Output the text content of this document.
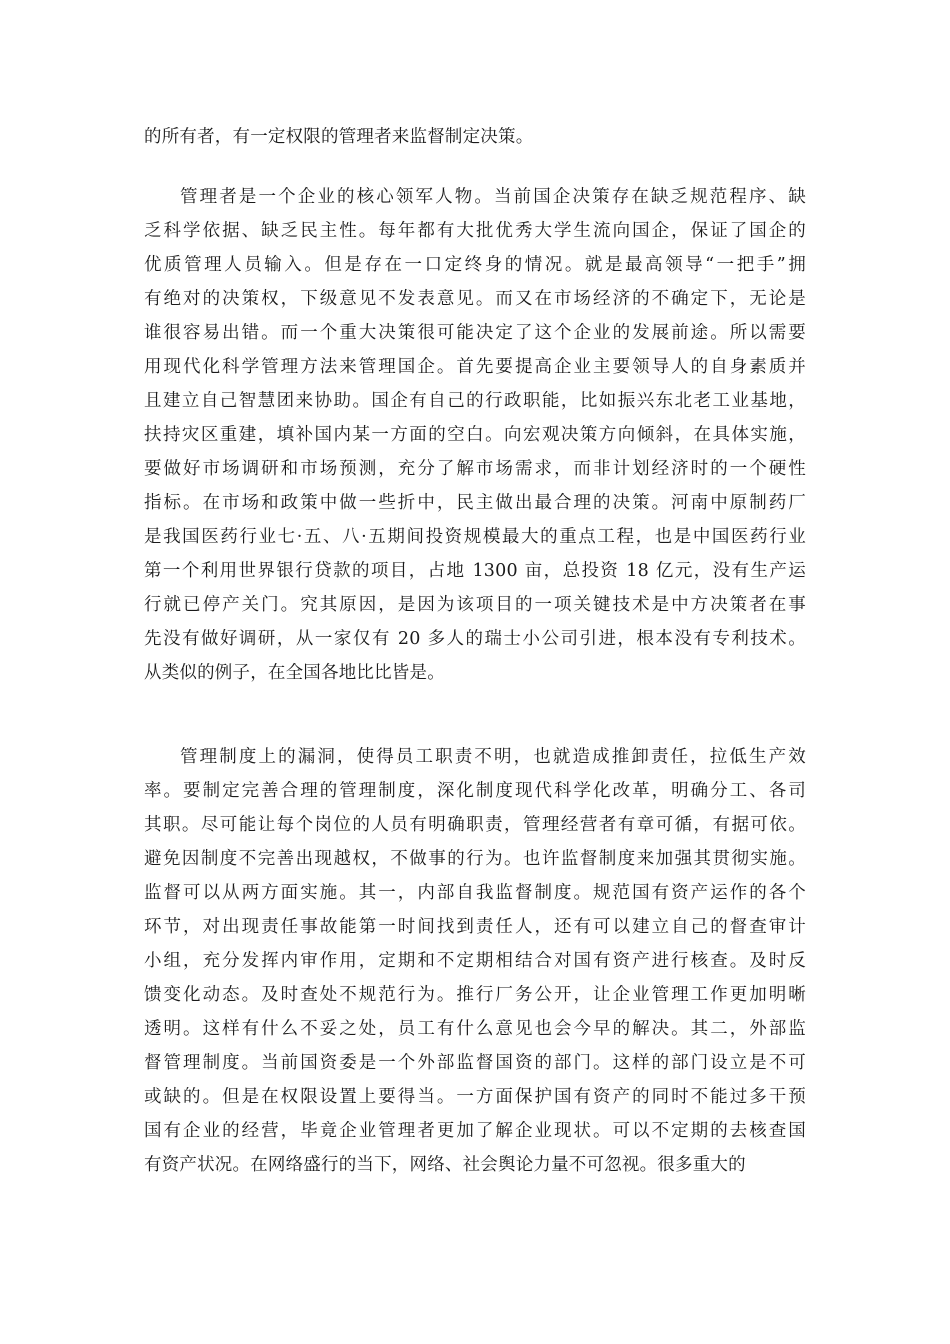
的所有者，有一定权限的管理者来监督制定决策。
管理者是一个企业的核心领军人物。当前国企决策存在缺乏规范程序、缺
乏科学依据、缺乏民主性。每年都有大批优秀大学生流向国企，保证了国企的
优质管理人员输入。但是存在一口定终身的情况。就是最高领导“一把手”拥
有绝对的决策权，下级意见不发表意见。而又在市场经济的不确定下，无论是
谁很容易出错。而一个重大决策很可能决定了这个企业的发展前途。所以需要
用现代化科学管理方法来管理国企。首先要提高企业主要领导人的自身素质并
且建立自己智慧团来协助。国企有自己的行政职能，比如振兴东北老工业基地，
扶持灾区重建，填补国内某一方面的空白。向宏观决策方向倾斜，在具体实施，
要做好市场调研和市场预测，充分了解市场需求，而非计划经济时的一个硬性
指标。在市场和政策中做一些折中，民主做出最合理的决策。河南中原制药厂
是我国医药行业七·五、八·五期间投资规模最大的重点工程，也是中国医药行业
第一个利用世界银行贷款的项目，占地 1300 亩，总投资 18 亿元，没有生产运
行就已停产关门。究其原因，是因为该项目的一项关键技术是中方决策者在事
先没有做好调研，从一家仅有 20 多人的瑞士小公司引进，根本没有专利技术。
从类似的例子，在全国各地比比皆是。
管理制度上的漏洞，使得员工职责不明，也就造成推卸责任，拉低生产效
率。要制定完善合理的管理制度，深化制度现代科学化改革，明确分工、各司
其职。尽可能让每个岗位的人员有明确职责，管理经营者有章可循，有据可依。
避免因制度不完善出现越权，不做事的行为。也许监督制度来加强其贯彻实施。
监督可以从两方面实施。其一，内部自我监督制度。规范国有资产运作的各个
环节，对出现责任事故能第一时间找到责任人，还有可以建立自己的督查审计
小组，充分发挥内审作用，定期和不定期相结合对国有资产进行核查。及时反
馈变化动态。及时查处不规范行为。推行厂务公开，让企业管理工作更加明晰
透明。这样有什么不妥之处，员工有什么意见也会今早的解决。其二，外部监
督管理制度。当前国资委是一个外部监督国资的部门。这样的部门设立是不可
或缺的。但是在权限设置上要得当。一方面保护国有资产的同时不能过多干预
国有企业的经营，毕竟企业管理者更加了解企业现状。可以不定期的去核查国
有资产状况。在网络盛行的当下，网络、社会舆论力量不可忽视。很多重大的
